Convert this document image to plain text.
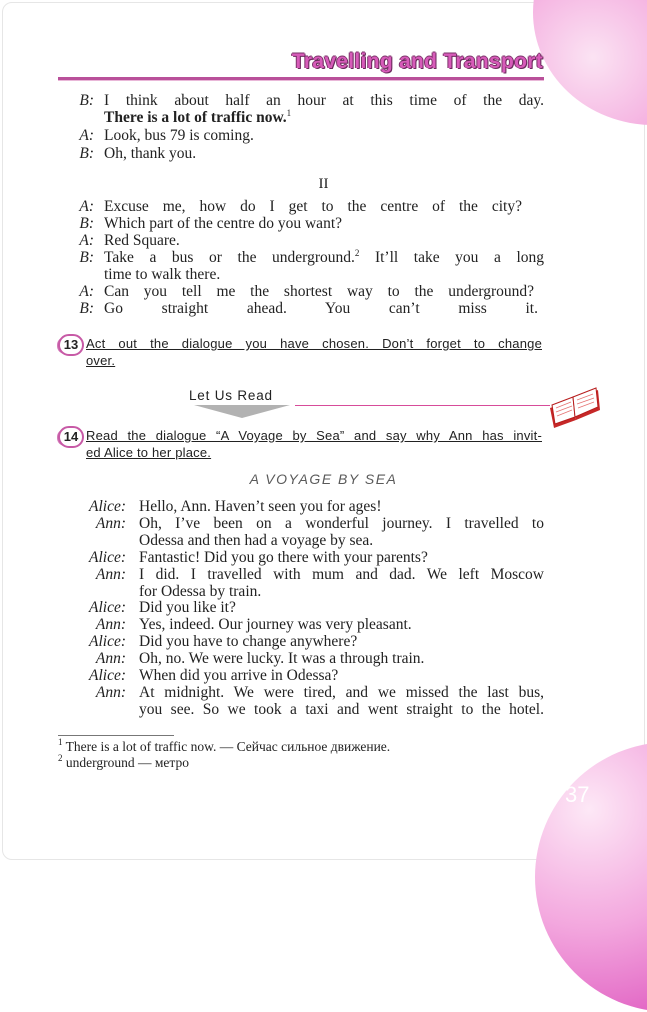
Travelling and Transport
B: I think about half an hour at this time of the day.
There is a lot of traffic now.$^1$
A: Look, bus 79 is coming.
B: Oh, thank you.
II
A: Excuse me, how do I get to the centre of the city?
B: Which part of the centre do you want?
A: Red Square.
B: Take a bus or the underground.$^2$ It’ll take you a long
time to walk there.
A: Can you tell me the shortest way to the underground?
B: Go straight ahead. You can’t miss it.
13 Act out the dialogue you have chosen. Don’t forget to change
over.
Let Us Read
14 Read the dialogue “A Voyage by Sea” and say why Ann has invit-
ed Alice to her place.
A VOYAGE BY SEA
Alice: Hello, Ann. Haven’t seen you for ages!
Ann: Oh, I’ve been on a wonderful journey. I travelled to
Odessa and then had a voyage by sea.
Alice: Fantastic! Did you go there with your parents?
Ann: I did. I travelled with mum and dad. We left Moscow
for Odessa by train.
Alice: Did you like it?
Ann: Yes, indeed. Our journey was very pleasant.
Alice: Did you have to change anywhere?
Ann: Oh, no. We were lucky. It was a through train.
Alice: When did you arrive in Odessa?
Ann: At midnight. We were tired, and we missed the last bus,
you see. So we took a taxi and went straight to the hotel.
$^1$ There is a lot of traffic now. — Сейчас сильное движение.
$^2$ underground — метро
37
